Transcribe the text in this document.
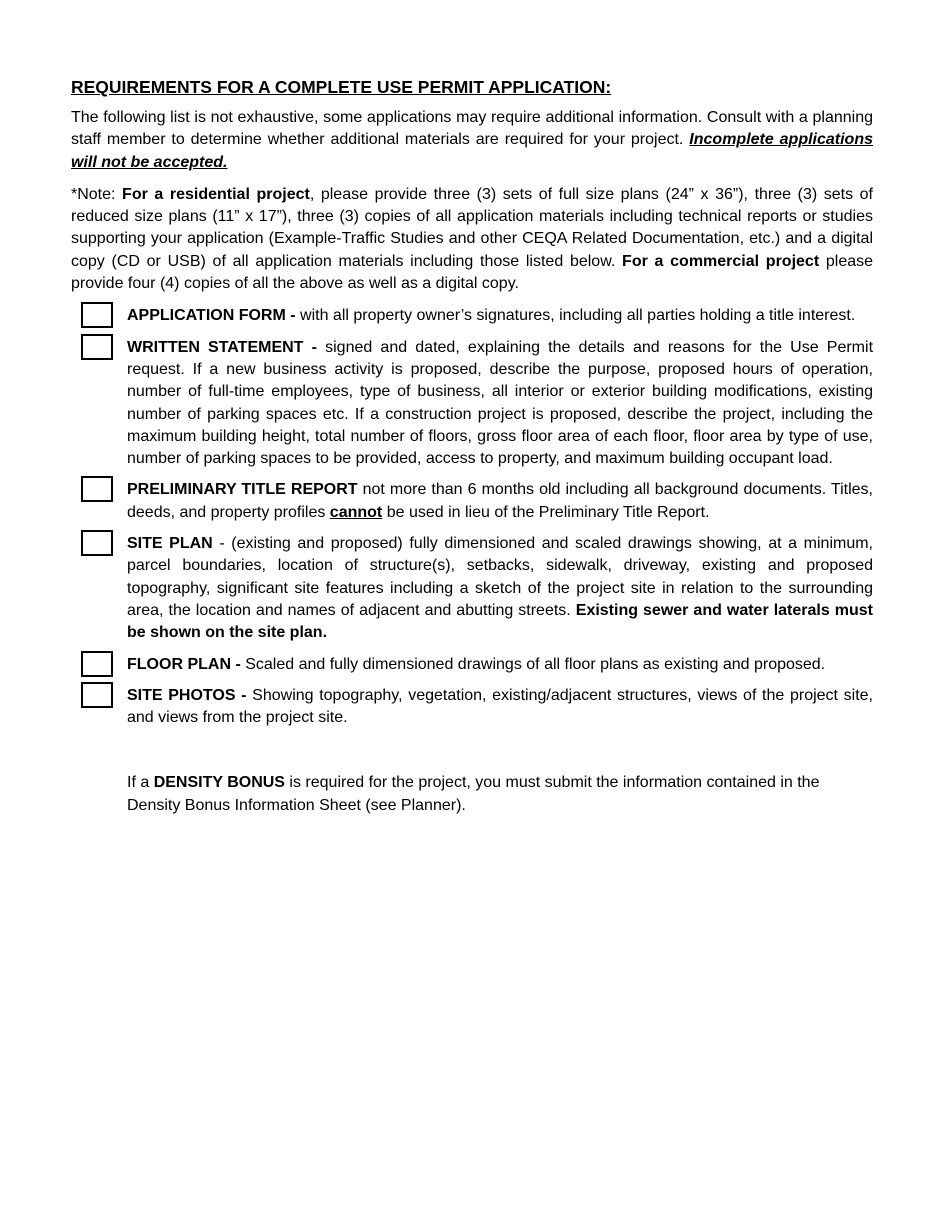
REQUIREMENTS FOR A COMPLETE USE PERMIT APPLICATION:
The following list is not exhaustive, some applications may require additional information. Consult with a planning staff member to determine whether additional materials are required for your project. Incomplete applications will not be accepted.
*Note: For a residential project, please provide three (3) sets of full size plans (24” x 36”), three (3) sets of reduced size plans (11” x 17”), three (3) copies of all application materials including technical reports or studies supporting your application (Example-Traffic Studies and other CEQA Related Documentation, etc.) and a digital copy (CD or USB) of all application materials including those listed below. For a commercial project please provide four (4) copies of all the above as well as a digital copy.
APPLICATION FORM - with all property owner’s signatures, including all parties holding a title interest.
WRITTEN STATEMENT - signed and dated, explaining the details and reasons for the Use Permit request. If a new business activity is proposed, describe the purpose, proposed hours of operation, number of full-time employees, type of business, all interior or exterior building modifications, existing number of parking spaces etc. If a construction project is proposed, describe the project, including the maximum building height, total number of floors, gross floor area of each floor, floor area by type of use, number of parking spaces to be provided, access to property, and maximum building occupant load.
PRELIMINARY TITLE REPORT not more than 6 months old including all background documents. Titles, deeds, and property profiles cannot be used in lieu of the Preliminary Title Report.
SITE PLAN - (existing and proposed) fully dimensioned and scaled drawings showing, at a minimum, parcel boundaries, location of structure(s), setbacks, sidewalk, driveway, existing and proposed topography, significant site features including a sketch of the project site in relation to the surrounding area, the location and names of adjacent and abutting streets. Existing sewer and water laterals must be shown on the site plan.
FLOOR PLAN - Scaled and fully dimensioned drawings of all floor plans as existing and proposed.
SITE PHOTOS - Showing topography, vegetation, existing/adjacent structures, views of the project site, and views from the project site.
If a DENSITY BONUS is required for the project, you must submit the information contained in the Density Bonus Information Sheet (see Planner).
